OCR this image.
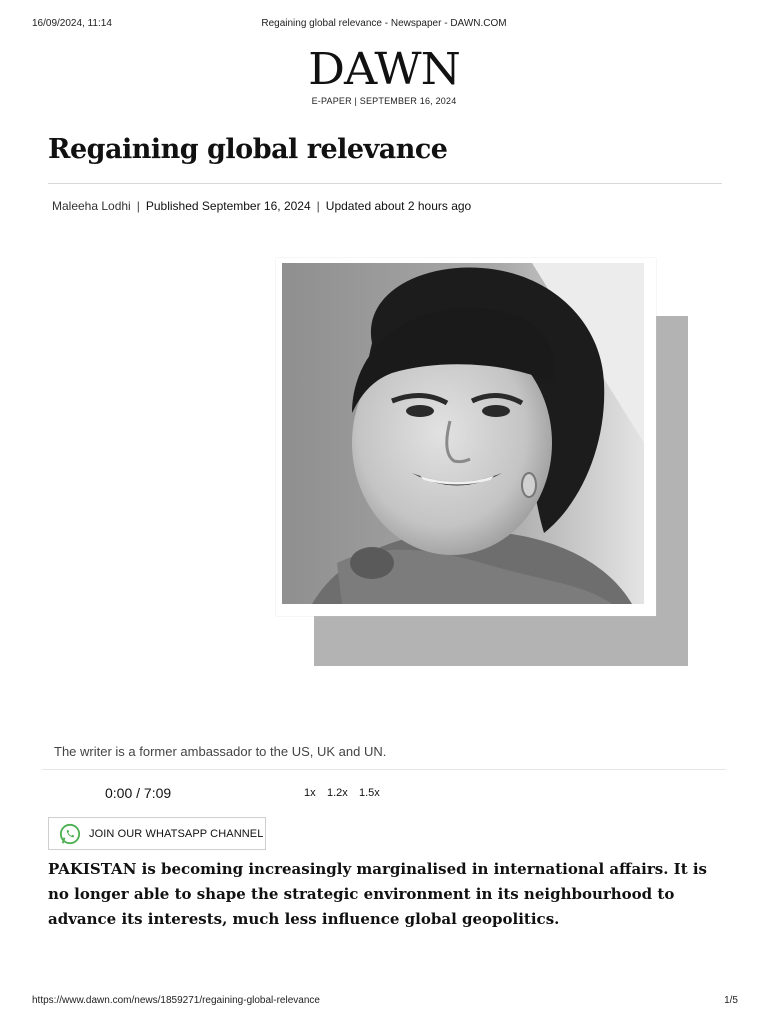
16/09/2024, 11:14	Regaining global relevance - Newspaper - DAWN.COM
DAWN
E-PAPER | SEPTEMBER 16, 2024
Regaining global relevance
Maleeha Lodhi | Published September 16, 2024 | Updated about 2 hours ago
The writer is a former ambassador to the US, UK and UN.
0:00 / 7:09	1x 1.2x 1.5x
JOIN OUR WHATSAPP CHANNEL

PAKISTAN is becoming increasingly marginalised in international affairs. It is no longer able to shape the strategic environment in its neighbourhood to advance its interests, much less influence global geopolitics.

https://www.dawn.com/news/1859271/regaining-global-relevance	1/5
